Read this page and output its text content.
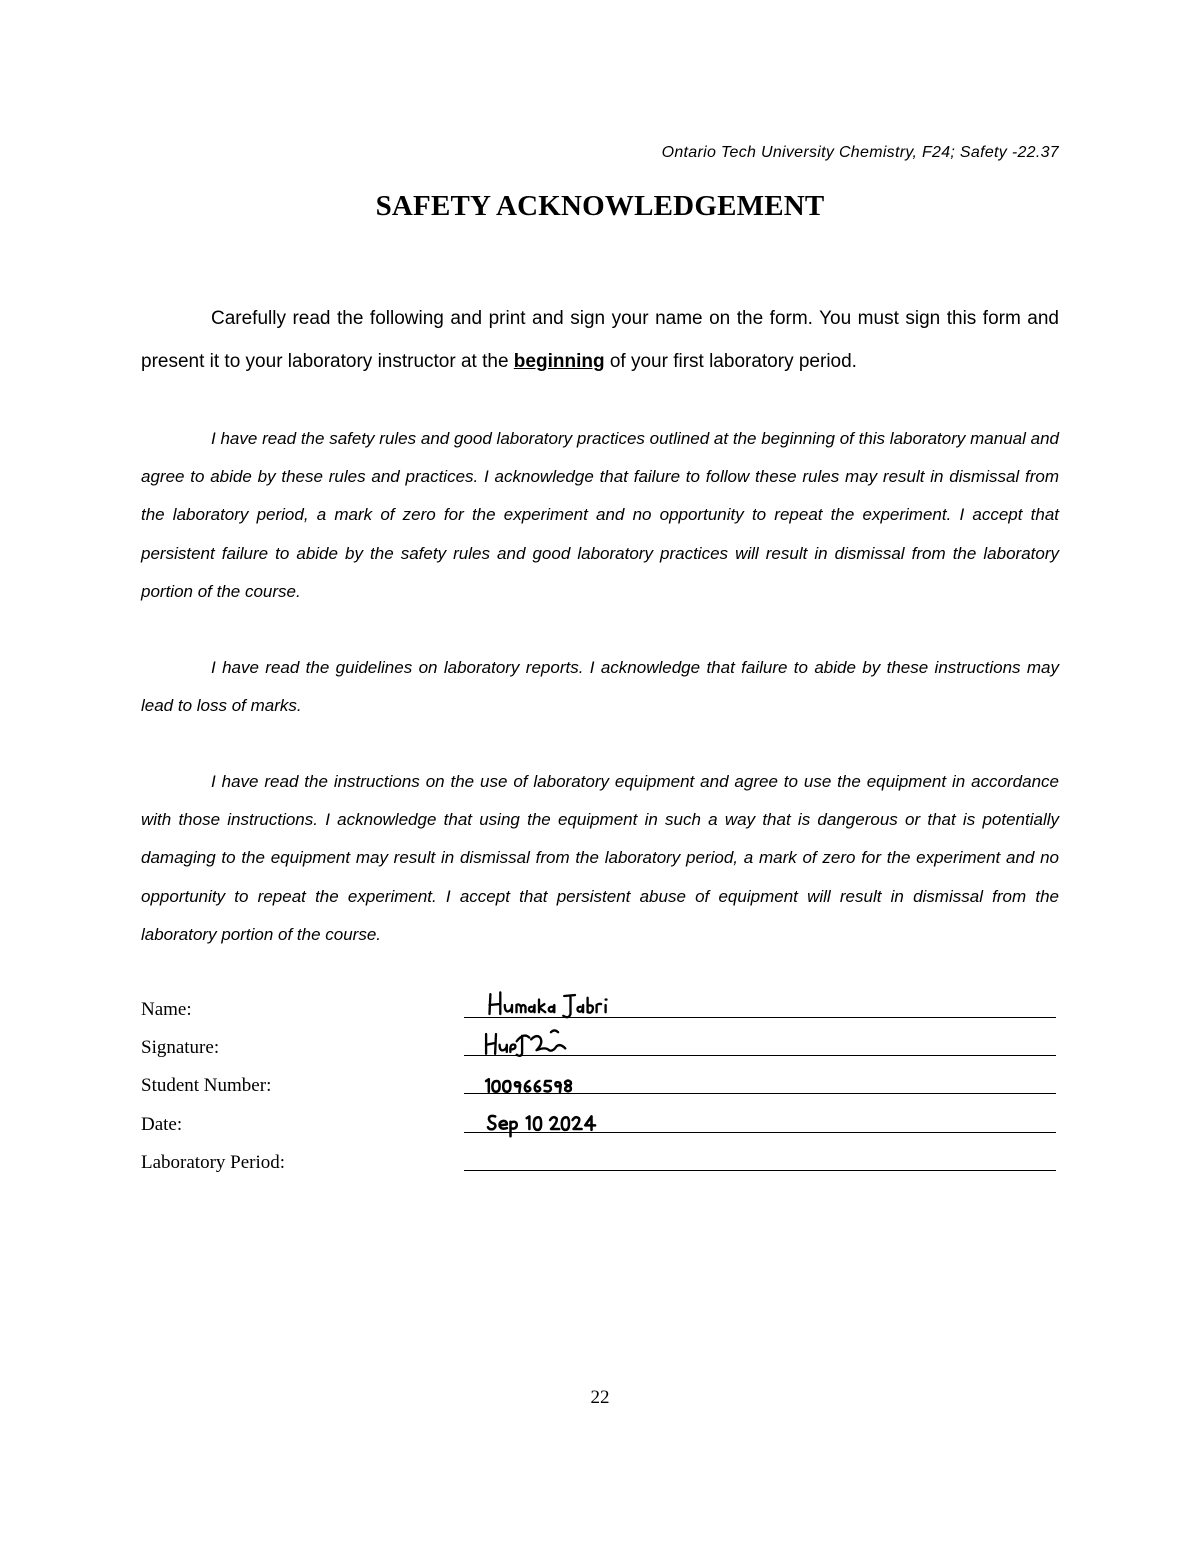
Ontario Tech University Chemistry, F24; Safety -22.37
SAFETY ACKNOWLEDGEMENT

Carefully read the following and print and sign your name on the form. You must sign this form and present it to your laboratory instructor at the beginning of your first laboratory period.

I have read the safety rules and good laboratory practices outlined at the beginning of this laboratory manual and agree to abide by these rules and practices. I acknowledge that failure to follow these rules may result in dismissal from the laboratory period, a mark of zero for the experiment and no opportunity to repeat the experiment. I accept that persistent failure to abide by the safety rules and good laboratory practices will result in dismissal from the laboratory portion of the course.

I have read the guidelines on laboratory reports. I acknowledge that failure to abide by these instructions may lead to loss of marks.

I have read the instructions on the use of laboratory equipment and agree to use the equipment in accordance with those instructions. I acknowledge that using the equipment in such a way that is dangerous or that is potentially damaging to the equipment may result in dismissal from the laboratory period, a mark of zero for the experiment and no opportunity to repeat the experiment. I accept that persistent abuse of equipment will result in dismissal from the laboratory portion of the course.

Name:
Signature:
Student Number:
Date:
Laboratory Period:
22
